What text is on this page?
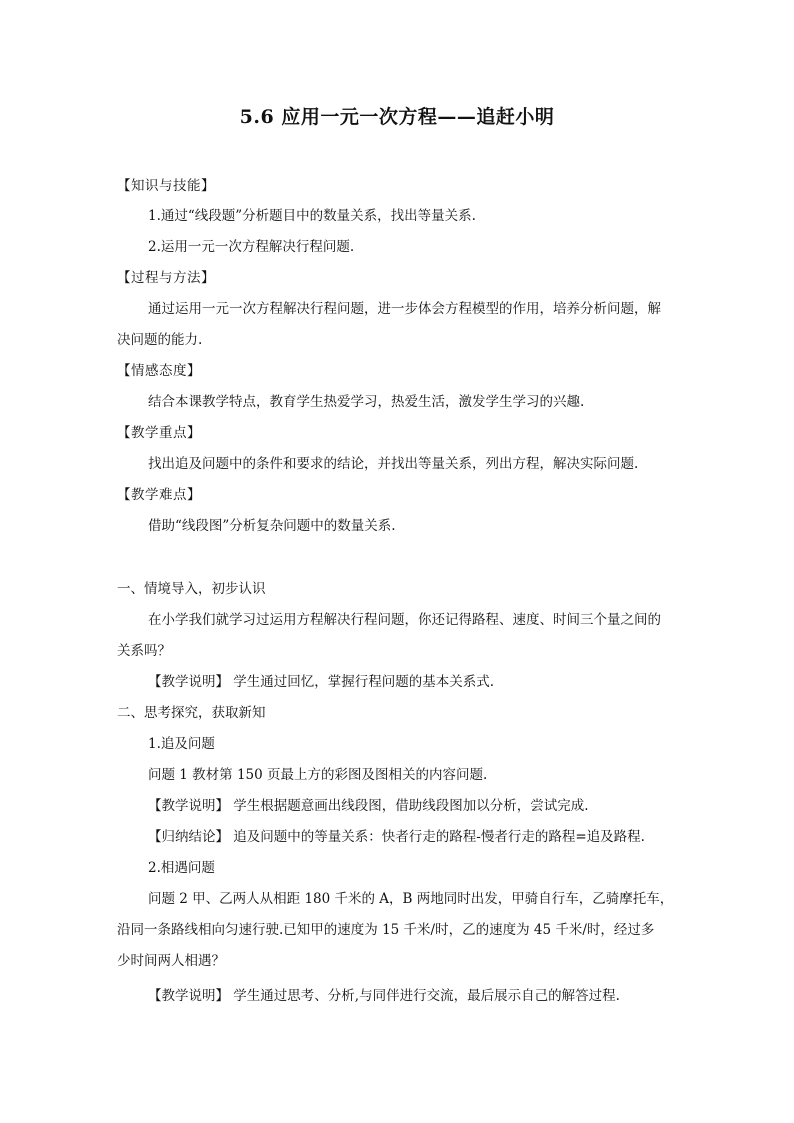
5.6 应用一元一次方程——追赶小明
【知识与技能】
1.通过“线段题”分析题目中的数量关系，找出等量关系.
2.运用一元一次方程解决行程问题.
【过程与方法】
通过运用一元一次方程解决行程问题，进一步体会方程模型的作用，培养分析问题，解
决问题的能力.
【情感态度】
结合本课教学特点，教育学生热爱学习，热爱生活，激发学生学习的兴趣.
【教学重点】
找出追及问题中的条件和要求的结论，并找出等量关系，列出方程，解决实际问题.
【教学难点】
借助“线段图”分析复杂问题中的数量关系.
一、情境导入，初步认识
在小学我们就学习过运用方程解决行程问题，你还记得路程、速度、时间三个量之间的
关系吗？
【教学说明】 学生通过回忆，掌握行程问题的基本关系式.
二、思考探究，获取新知
1.追及问题
问题 1 教材第 150 页最上方的彩图及图相关的内容问题.
【教学说明】 学生根据题意画出线段图，借助线段图加以分析，尝试完成.
【归纳结论】 追及问题中的等量关系：快者行走的路程-慢者行走的路程=追及路程.
2.相遇问题
问题 2 甲、乙两人从相距 180 千米的 A，B 两地同时出发，甲骑自行车，乙骑摩托车，
沿同一条路线相向匀速行驶.已知甲的速度为 15 千米/时，乙的速度为 45 千米/时，经过多
少时间两人相遇？
【教学说明】 学生通过思考、分析,与同伴进行交流，最后展示自己的解答过程.
